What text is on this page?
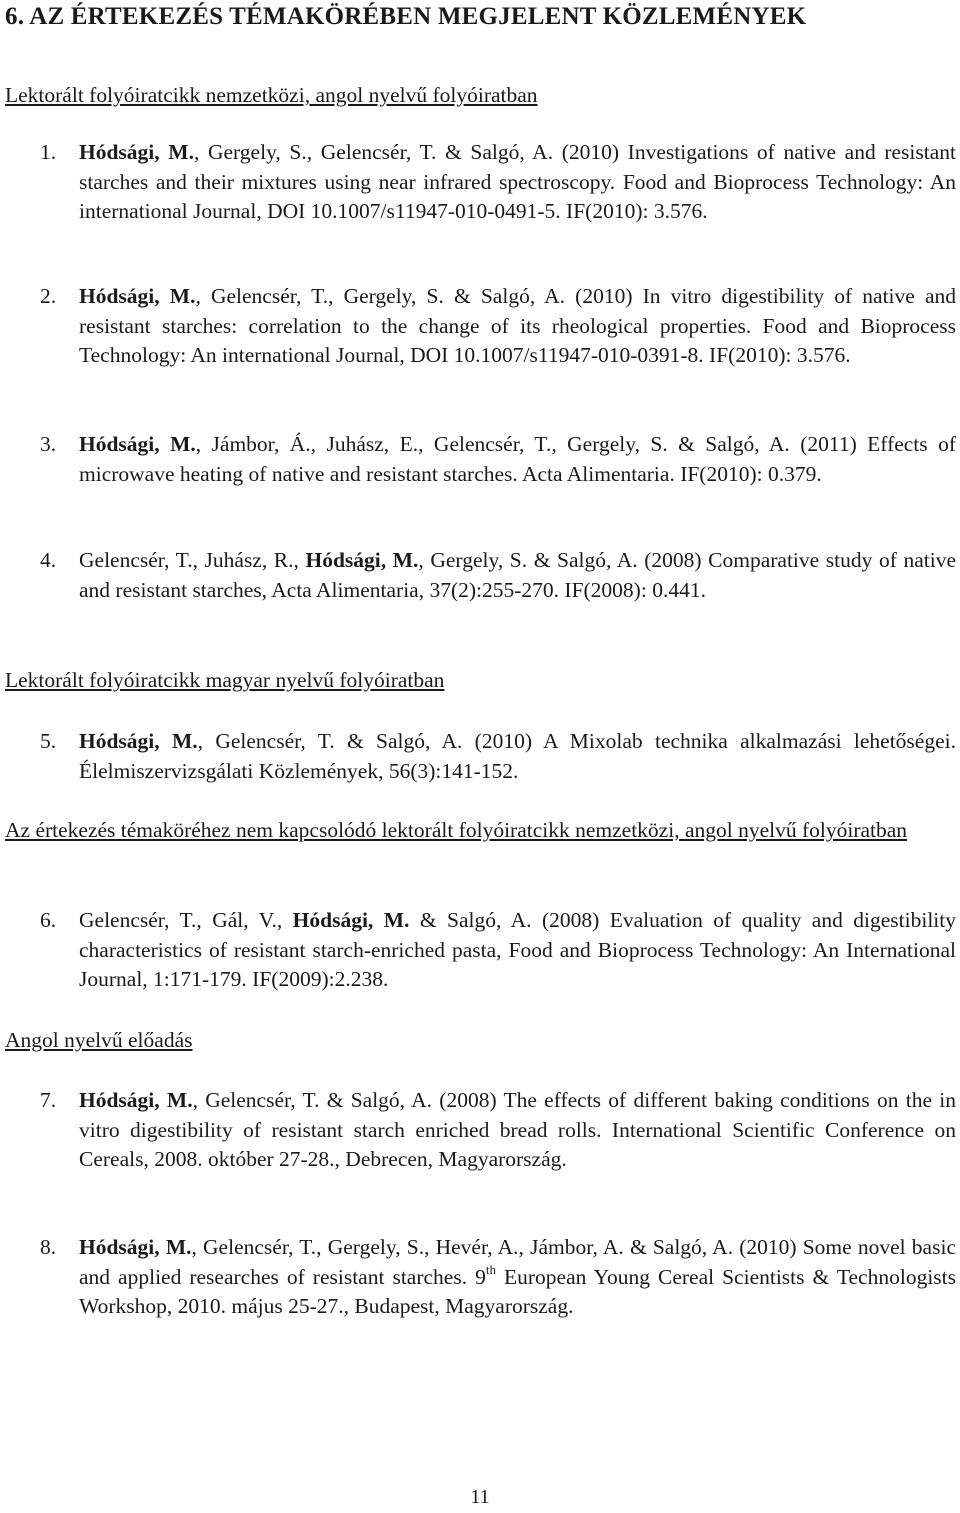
6. AZ ÉRTEKEZÉS TÉMAKÖRÉBEN MEGJELENT KÖZLEMÉNYEK

Lektorált folyóiratcikk nemzetközi, angol nyelvű folyóiratban

1. Hódsági, M., Gergely, S., Gelencsér, T. & Salgó, A. (2010) Investigations of native and resistant starches and their mixtures using near infrared spectroscopy. Food and Bioprocess Technology: An international Journal, DOI 10.1007/s11947-010-0491-5. IF(2010): 3.576.

2. Hódsági, M., Gelencsér, T., Gergely, S. & Salgó, A. (2010) In vitro digestibility of native and resistant starches: correlation to the change of its rheological properties. Food and Bioprocess Technology: An international Journal, DOI 10.1007/s11947-010-0391-8. IF(2010): 3.576.

3. Hódsági, M., Jámbor, Á., Juhász, E., Gelencsér, T., Gergely, S. & Salgó, A. (2011) Effects of microwave heating of native and resistant starches. Acta Alimentaria. IF(2010): 0.379.

4. Gelencsér, T., Juhász, R., Hódsági, M., Gergely, S. & Salgó, A. (2008) Comparative study of native and resistant starches, Acta Alimentaria, 37(2):255-270. IF(2008): 0.441.

Lektorált folyóiratcikk magyar nyelvű folyóiratban

5. Hódsági, M., Gelencsér, T. & Salgó, A. (2010) A Mixolab technika alkalmazási lehetőségei. Élelmiszervizsgálati Közlemények, 56(3):141-152.

Az értekezés témaköréhez nem kapcsolódó lektorált folyóiratcikk nemzetközi, angol nyelvű folyóiratban

6. Gelencsér, T., Gál, V., Hódsági, M. & Salgó, A. (2008) Evaluation of quality and digestibility characteristics of resistant starch-enriched pasta, Food and Bioprocess Technology: An International Journal, 1:171-179. IF(2009):2.238.

Angol nyelvű előadás

7. Hódsági, M., Gelencsér, T. & Salgó, A. (2008) The effects of different baking conditions on the in vitro digestibility of resistant starch enriched bread rolls. International Scientific Conference on Cereals, 2008. október 27-28., Debrecen, Magyarország.

8. Hódsági, M., Gelencsér, T., Gergely, S., Hevér, A., Jámbor, A. & Salgó, A. (2010) Some novel basic and applied researches of resistant starches. 9th European Young Cereal Scientists & Technologists Workshop, 2010. május 25-27., Budapest, Magyarország.

11
